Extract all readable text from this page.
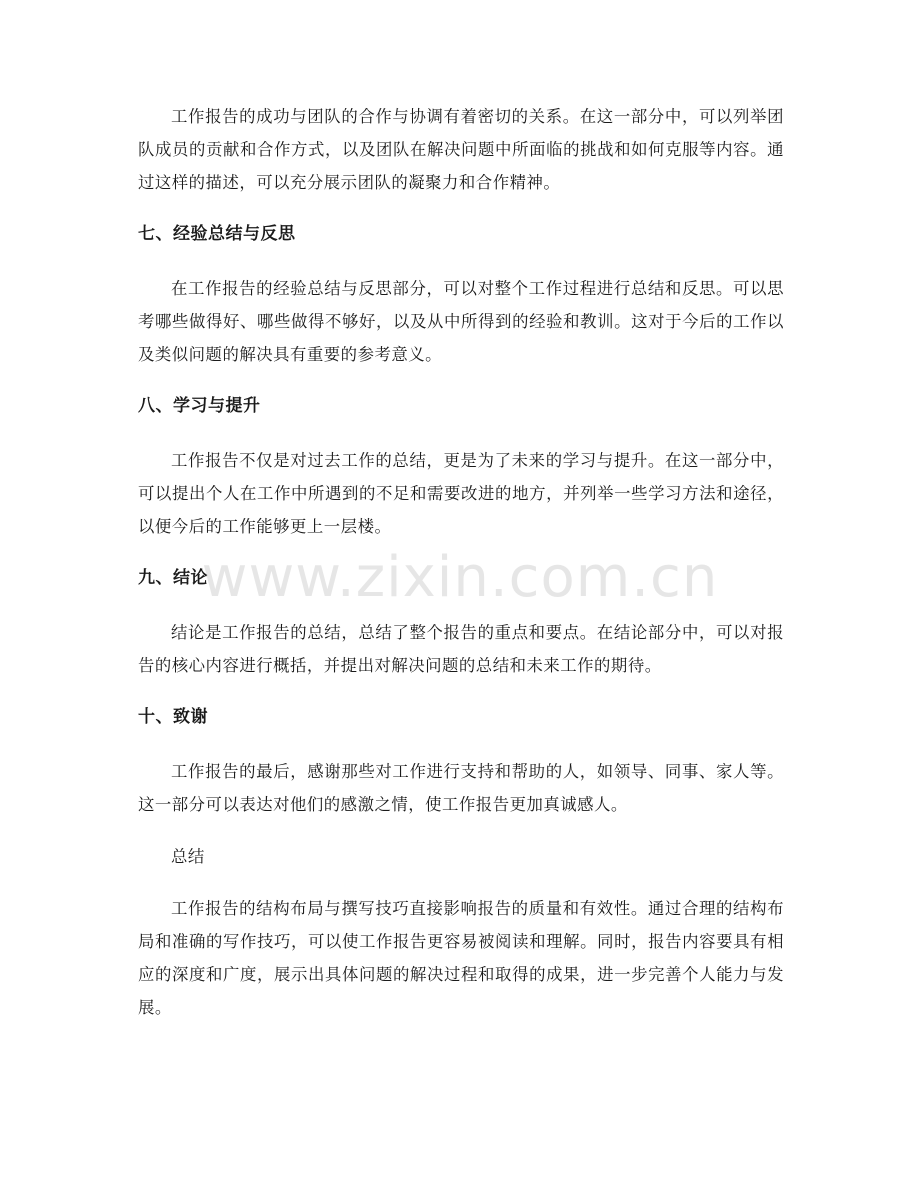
工作报告的成功与团队的合作与协调有着密切的关系。在这一部分中，可以列举团队成员的贡献和合作方式，以及团队在解决问题中所面临的挑战和如何克服等内容。通过这样的描述，可以充分展示团队的凝聚力和合作精神。

七、经验总结与反思

在工作报告的经验总结与反思部分，可以对整个工作过程进行总结和反思。可以思考哪些做得好、哪些做得不够好，以及从中所得到的经验和教训。这对于今后的工作以及类似问题的解决具有重要的参考意义。

八、学习与提升

工作报告不仅是对过去工作的总结，更是为了未来的学习与提升。在这一部分中，可以提出个人在工作中所遇到的不足和需要改进的地方，并列举一些学习方法和途径，以便今后的工作能够更上一层楼。

九、结论

结论是工作报告的总结，总结了整个报告的重点和要点。在结论部分中，可以对报告的核心内容进行概括，并提出对解决问题的总结和未来工作的期待。

十、致谢

工作报告的最后，感谢那些对工作进行支持和帮助的人，如领导、同事、家人等。这一部分可以表达对他们的感激之情，使工作报告更加真诚感人。

总结

工作报告的结构布局与撰写技巧直接影响报告的质量和有效性。通过合理的结构布局和准确的写作技巧，可以使工作报告更容易被阅读和理解。同时，报告内容要具有相应的深度和广度，展示出具体问题的解决过程和取得的成果，进一步完善个人能力与发展。

www.zixin.com.cn
